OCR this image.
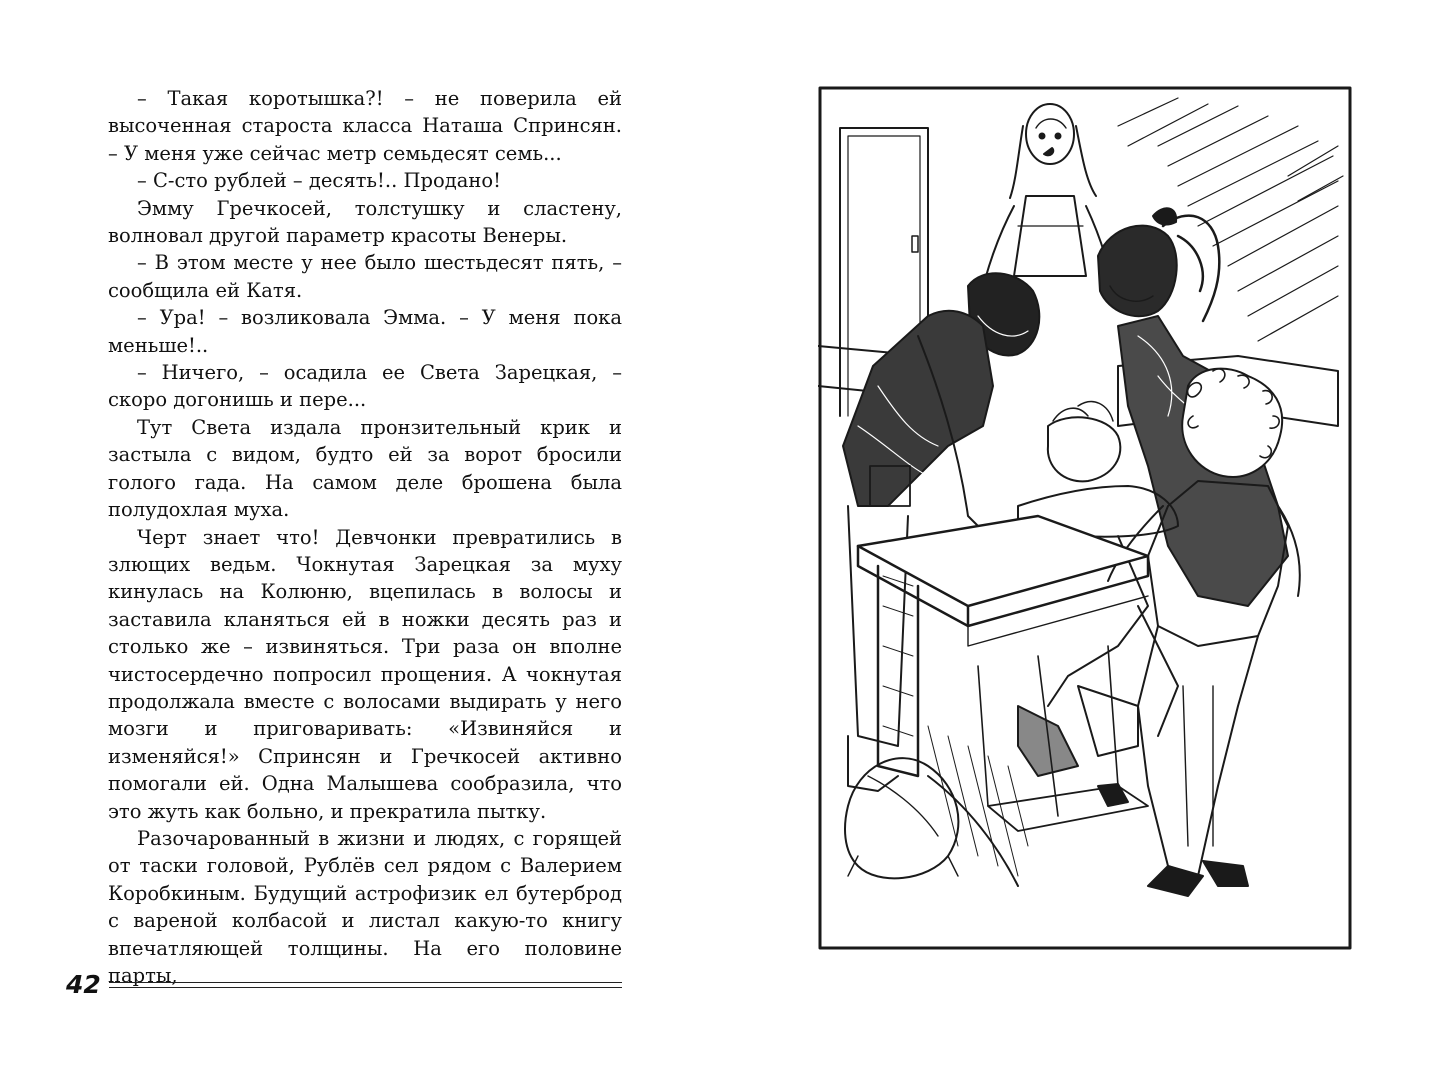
– Такая коротышка?! – не поверила ей высоченная староста класса Наташа Спринсян. – У меня уже сейчас метр семьдесят семь...

– С-сто рублей – десять!.. Продано!

Эмму Гречкосей, толстушку и сластену, волновал другой параметр красоты Венеры.

– В этом месте у нее было шестьдесят пять, – сообщила ей Катя.

– Ура! – возликовала Эмма. – У меня пока меньше!..

– Ничего, – осадила ее Света Зарецкая, – скоро догонишь и пере...

Тут Света издала пронзительный крик и застыла с видом, будто ей за ворот бросили голого гада. На самом деле брошена была полудохлая муха.

Черт знает что! Девчонки превратились в злющих ведьм. Чокнутая Зарецкая за муху кинулась на Колюню, вцепилась в волосы и заставила кланяться ей в ножки десять раз и столько же – извиняться. Три раза он вполне чистосердечно попросил прощения. А чокнутая продолжала вместе с волосами выдирать у него мозги и приговаривать: «Извиняйся и изменяйся!» Спринсян и Гречкосей активно помогали ей. Одна Малышева сообразила, что это жуть как больно, и прекратила пытку.

Разочарованный в жизни и людях, с горящей от таски головой, Рублёв сел рядом с Валерием Коробкиным. Будущий астрофизик ел бутерброд с вареной колбасой и листал какую-то книгу впечатляющей толщины. На его половине парты,

42
